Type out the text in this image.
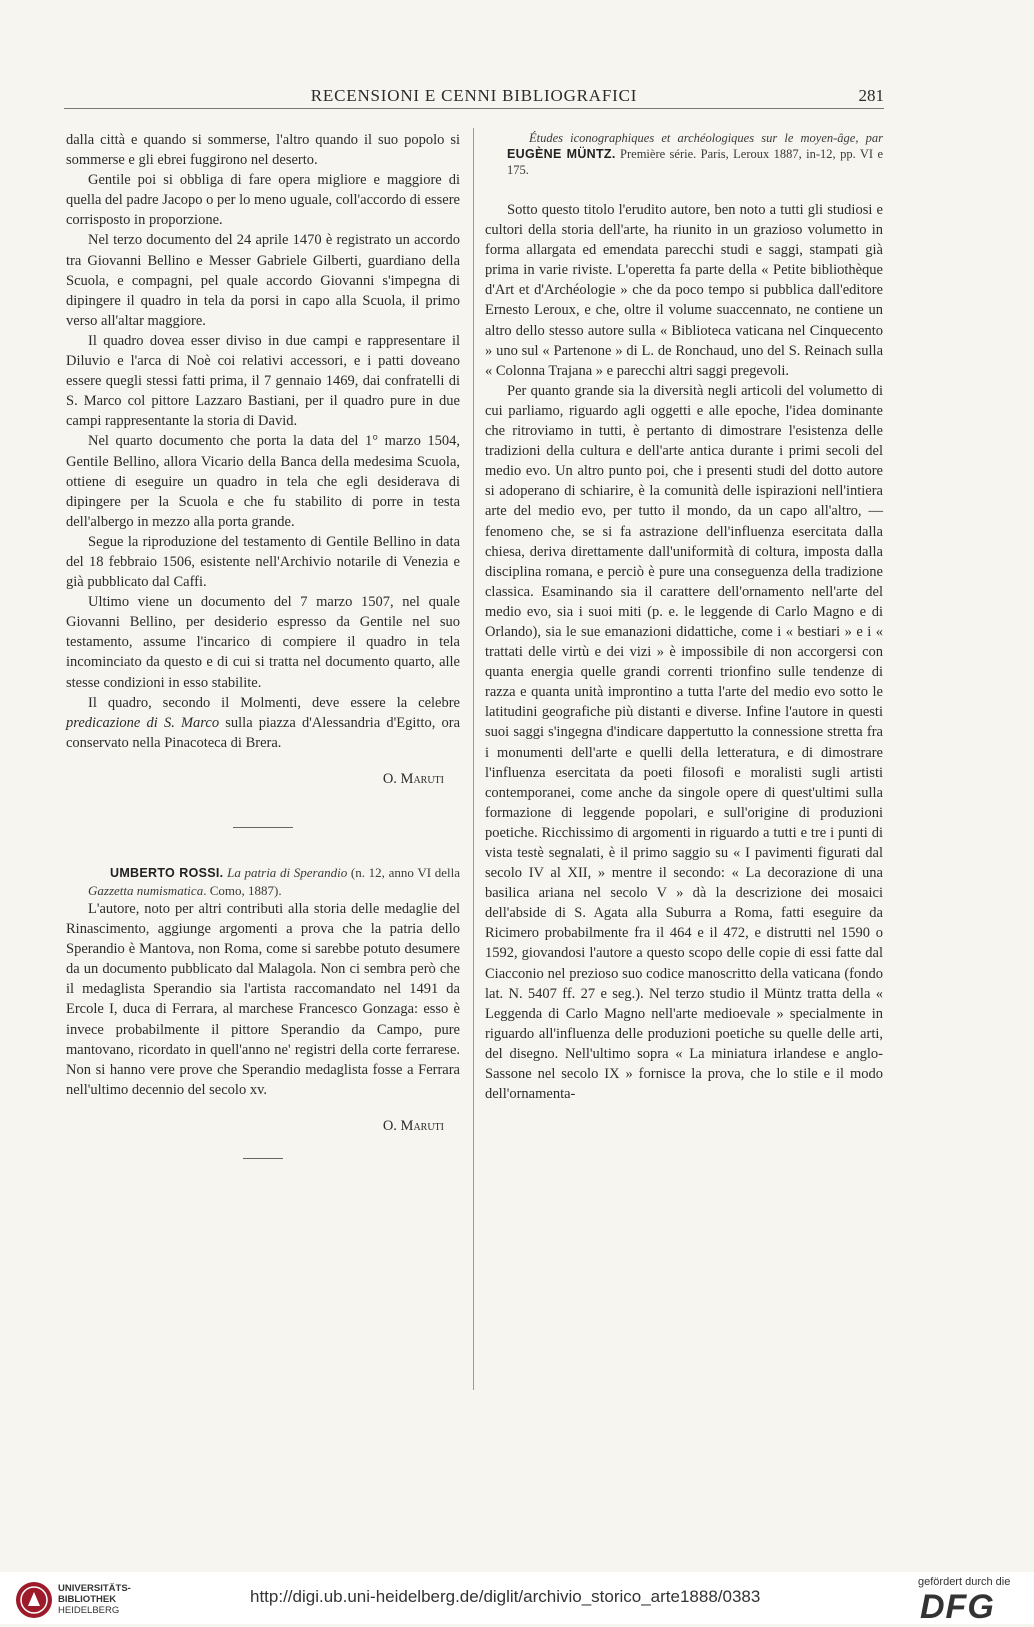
RECENSIONI E CENNI BIBLIOGRAFICI	281

dalla città e quando si sommerse, l'altro quando il suo popolo si sommerse e gli ebrei fuggirono nel deserto.

Gentile poi si obbliga di fare opera migliore e maggiore di quella del padre Jacopo o per lo meno uguale, coll'accordo di essere corrisposto in proporzione.

Nel terzo documento del 24 aprile 1470 è registrato un accordo tra Giovanni Bellino e Messer Gabriele Gilberti, guardiano della Scuola, e compagni, pel quale accordo Giovanni s'impegna di dipingere il quadro in tela da porsi in capo alla Scuola, il primo verso all'altar maggiore.

Il quadro dovea esser diviso in due campi e rappresentare il Diluvio e l'arca di Noè coi relativi accessori, e i patti doveano essere quegli stessi fatti prima, il 7 gennaio 1469, dai confratelli di S. Marco col pittore Lazzaro Bastiani, per il quadro pure in due campi rappresentante la storia di David.

Nel quarto documento che porta la data del 1° marzo 1504, Gentile Bellino, allora Vicario della Banca della medesima Scuola, ottiene di eseguire un quadro in tela che egli desiderava di dipingere per la Scuola e che fu stabilito di porre in testa dell'albergo in mezzo alla porta grande.

Segue la riproduzione del testamento di Gentile Bellino in data del 18 febbraio 1506, esistente nell'Archivio notarile di Venezia e già pubblicato dal Caffi.

Ultimo viene un documento del 7 marzo 1507, nel quale Giovanni Bellino, per desiderio espresso da Gentile nel suo testamento, assume l'incarico di compiere il quadro in tela incominciato da questo e di cui si tratta nel documento quarto, alle stesse condizioni in esso stabilite.

Il quadro, secondo il Molmenti, deve essere la celebre predicazione di S. Marco sulla piazza d'Alessandria d'Egitto, ora conservato nella Pinacoteca di Brera.

O. Maruti

UMBERTO ROSSI. La patria di Sperandio (n. 12, anno VI della Gazzetta numismatica. Como, 1887).

L'autore, noto per altri contributi alla storia delle medaglie del Rinascimento, aggiunge argomenti a prova che la patria dello Sperandio è Mantova, non Roma, come si sarebbe potuto desumere da un documento pubblicato dal Malagola. Non ci sembra però che il medaglista Sperandio sia l'artista raccomandato nel 1491 da Ercole I, duca di Ferrara, al marchese Francesco Gonzaga: esso è invece probabilmente il pittore Sperandio da Campo, pure mantovano, ricordato in quell'anno ne' registri della corte ferrarese. Non si hanno vere prove che Sperandio medaglista fosse a Ferrara nell'ultimo decennio del secolo xv.

O. Maruti

Études iconographiques et archéologiques sur le moyen-âge, par EUGÈNE MÜNTZ. Première série. Paris, Leroux 1887, in-12, pp. VI e 175.

Sotto questo titolo l'erudito autore, ben noto a tutti gli studiosi e cultori della storia dell'arte, ha riunito in un grazioso volumetto in forma allargata ed emendata parecchi studi e saggi, stampati già prima in varie riviste. L'operetta fa parte della « Petite bibliothèque d'Art et d'Archéologie » che da poco tempo si pubblica dall'editore Ernesto Leroux, e che, oltre il volume suaccennato, ne contiene un altro dello stesso autore sulla « Biblioteca vaticana nel Cinquecento » uno sul « Partenone » di L. de Ronchaud, uno del S. Reinach sulla « Colonna Trajana » e parecchi altri saggi pregevoli.

Per quanto grande sia la diversità negli articoli del volumetto di cui parliamo, riguardo agli oggetti e alle epoche, l'idea dominante che ritroviamo in tutti, è pertanto di dimostrare l'esistenza delle tradizioni della cultura e dell'arte antica durante i primi secoli del medio evo. Un altro punto poi, che i presenti studi del dotto autore si adoperano di schiarire, è la comunità delle ispirazioni nell'intiera arte del medio evo, per tutto il mondo, da un capo all'altro, — fenomeno che, se si fa astrazione dell'influenza esercitata dalla chiesa, deriva direttamente dall'uniformità di coltura, imposta dalla disciplina romana, e perciò è pure una conseguenza della tradizione classica. Esaminando sia il carattere dell'ornamento nell'arte del medio evo, sia i suoi miti (p. e. le leggende di Carlo Magno e di Orlando), sia le sue emanazioni didattiche, come i « bestiari » e i « trattati delle virtù e dei vizi » è impossibile di non accorgersi con quanta energia quelle grandi correnti trionfino sulle tendenze di razza e quanta unità improntino a tutta l'arte del medio evo sotto le latitudini geografiche più distanti e diverse. Infine l'autore in questi suoi saggi s'ingegna d'indicare dappertutto la connessione stretta fra i monumenti dell'arte e quelli della letteratura, e di dimostrare l'influenza esercitata da poeti filosofi e moralisti sugli artisti contemporanei, come anche da singole opere di quest'ultimi sulla formazione di leggende popolari, e sull'origine di produzioni poetiche. Ricchissimo di argomenti in riguardo a tutti e tre i punti di vista testè segnalati, è il primo saggio su « I pavimenti figurati dal secolo IV al XII, » mentre il secondo: « La decorazione di una basilica ariana nel secolo V » dà la descrizione dei mosaici dell'abside di S. Agata alla Suburra a Roma, fatti eseguire da Ricimero probabilmente fra il 464 e il 472, e distrutti nel 1590 o 1592, giovandosi l'autore a questo scopo delle copie di essi fatte dal Ciacconio nel prezioso suo codice manoscritto della vaticana (fondo lat. N. 5407 ff. 27 e seg.). Nel terzo studio il Müntz tratta della « Leggenda di Carlo Magno nell'arte medioevale » specialmente in riguardo all'influenza delle produzioni poetiche su quelle delle arti, del disegno. Nell'ultimo sopra « La miniatura irlandese e anglo-Sassone nel secolo IX » fornisce la prova, che lo stile e il modo dell'ornamenta-

UNIVERSITÄTS-
BIBLIOTHEK
HEIDELBERG
http://digi.ub.uni-heidelberg.de/diglit/archivio_storico_arte1888/0383
gefördert durch die
DFG
